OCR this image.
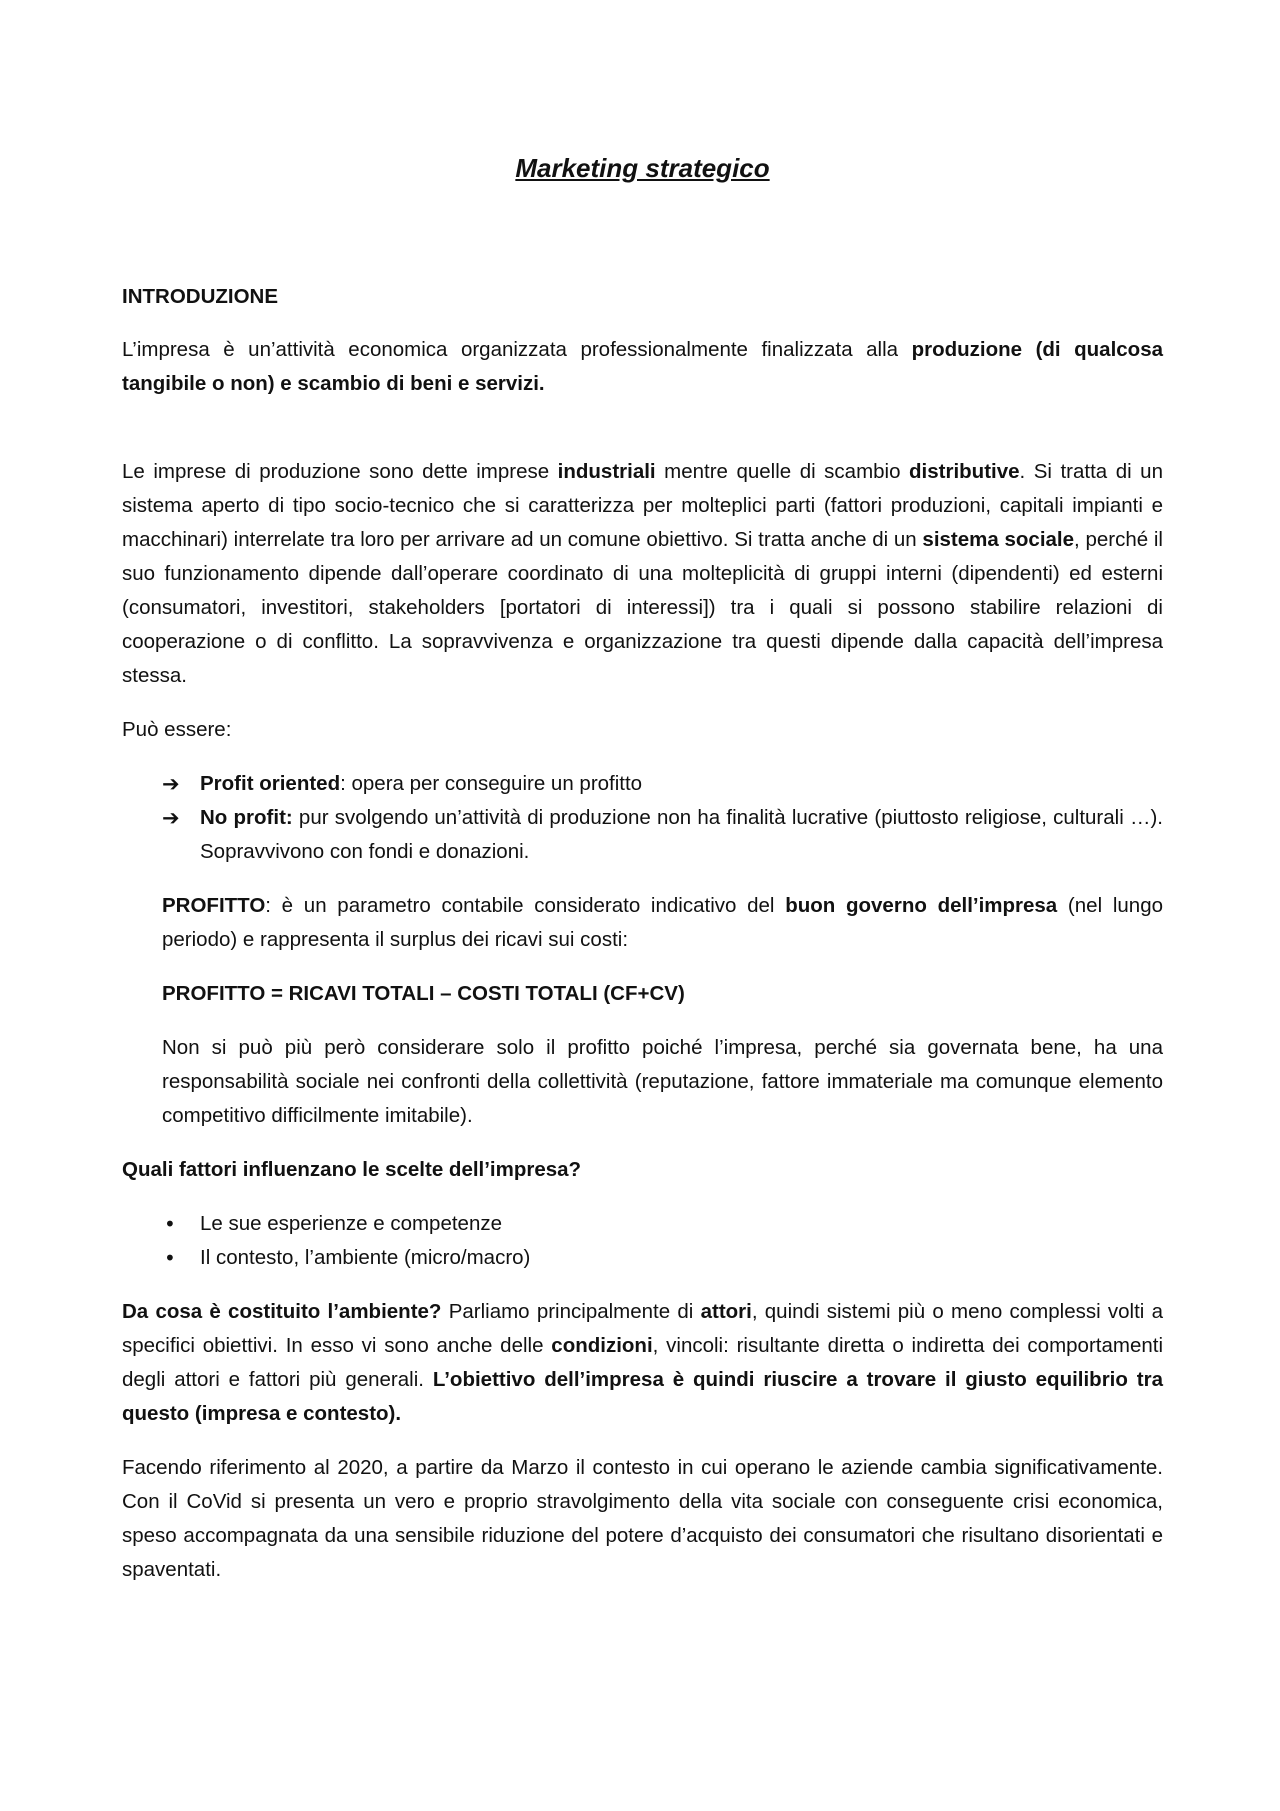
Marketing strategico
INTRODUZIONE

L’impresa è un’attività economica organizzata professionalmente finalizzata alla produzione (di qualcosa tangibile o non) e scambio di beni e servizi.

Le imprese di produzione sono dette imprese industriali mentre quelle di scambio distributive. Si tratta di un sistema aperto di tipo socio-tecnico che si caratterizza per molteplici parti (fattori produzioni, capitali impianti e macchinari) interrelate tra loro per arrivare ad un comune obiettivo. Si tratta anche di un sistema sociale, perché il suo funzionamento dipende dall’operare coordinato di una molteplicità di gruppi interni (dipendenti) ed esterni (consumatori, investitori, stakeholders [portatori di interessi]) tra i quali si possono stabilire relazioni di cooperazione o di conflitto. La sopravvivenza e organizzazione tra questi dipende dalla capacità dell’impresa stessa.

Può essere:

➔ Profit oriented: opera per conseguire un profitto
➔ No profit: pur svolgendo un’attività di produzione non ha finalità lucrative (piuttosto religiose, culturali …). Sopravvivono con fondi e donazioni.

PROFITTO: è un parametro contabile considerato indicativo del buon governo dell’impresa (nel lungo periodo) e rappresenta il surplus dei ricavi sui costi:

PROFITTO = RICAVI TOTALI – COSTI TOTALI (CF+CV)

Non si può più però considerare solo il profitto poiché l’impresa, perché sia governata bene, ha una responsabilità sociale nei confronti della collettività (reputazione, fattore immateriale ma comunque elemento competitivo difficilmente imitabile).

Quali fattori influenzano le scelte dell’impresa?

• Le sue esperienze e competenze
• Il contesto, l’ambiente (micro/macro)

Da cosa è costituito l’ambiente? Parliamo principalmente di attori, quindi sistemi più o meno complessi volti a specifici obiettivi. In esso vi sono anche delle condizioni, vincoli: risultante diretta o indiretta dei comportamenti degli attori e fattori più generali. L’obiettivo dell’impresa è quindi riuscire a trovare il giusto equilibrio tra questo (impresa e contesto).

Facendo riferimento al 2020, a partire da Marzo il contesto in cui operano le aziende cambia significativamente. Con il CoVid si presenta un vero e proprio stravolgimento della vita sociale con conseguente crisi economica, speso accompagnata da una sensibile riduzione del potere d’acquisto dei consumatori che risultano disorientati e spaventati.
